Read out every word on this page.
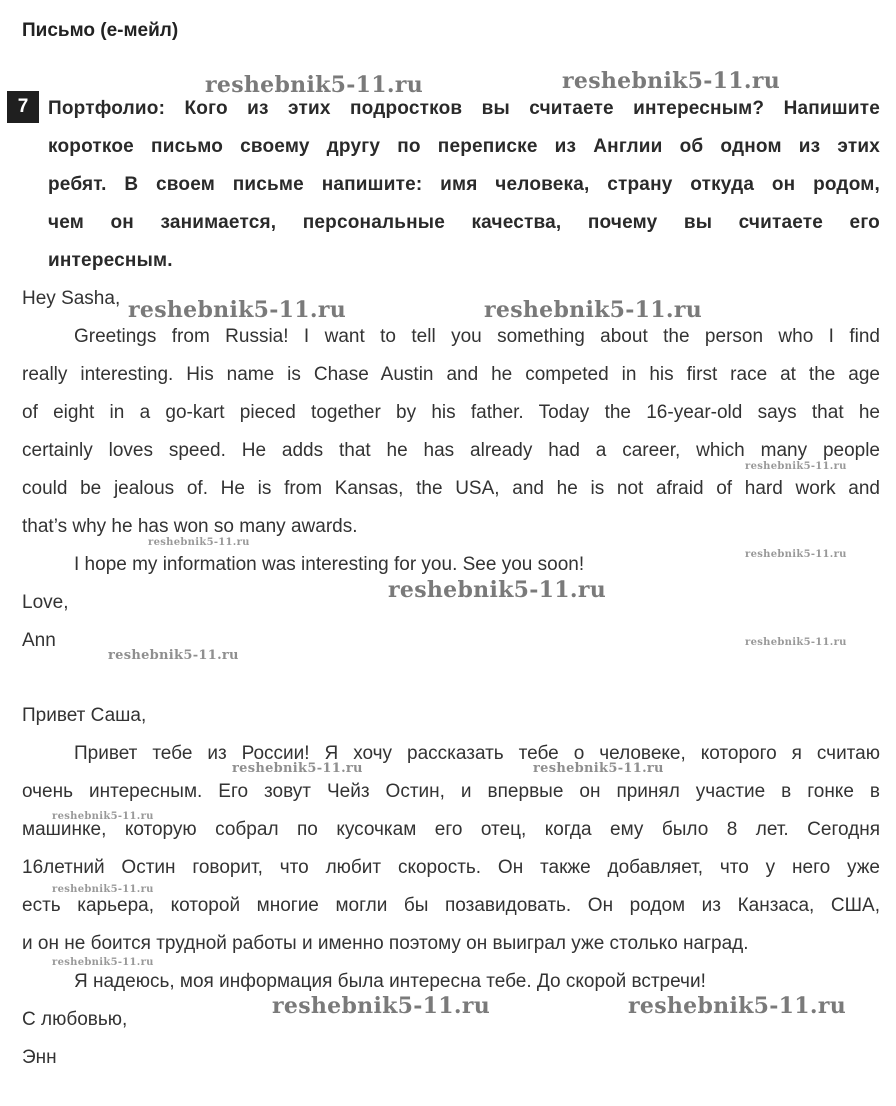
Письмо (е-мейл)
7	Портфолио: Кого из этих подростков вы считаете интересным? Напишите
короткое письмо своему другу по переписке из Англии об одном из этих
ребят. В своем письме напишите: имя человека, страну откуда он родом,
чем он занимается, персональные качества, почему вы считаете его
интересным.
Hey Sasha,
Greetings from Russia! I want to tell you something about the person who I find
really interesting. His name is Chase Austin and he competed in his first race at the age
of eight in a go-kart pieced together by his father. Today the 16-year-old says that he
certainly loves speed. He adds that he has already had a career, which many people
could be jealous of. He is from Kansas, the USA, and he is not afraid of hard work and
that’s why he has won so many awards.
I hope my information was interesting for you. See you soon!
Love,
Ann
Привет Саша,
Привет тебе из России! Я хочу рассказать тебе о человеке, которого я считаю
очень интересным. Его зовут Чейз Остин, и впервые он принял участие в гонке в
машинке, которую собрал по кусочкам его отец, когда ему было 8 лет. Сегодня
16летний Остин говорит, что любит скорость. Он также добавляет, что у него уже
есть карьера, которой многие могли бы позавидовать. Он родом из Канзаса, США,
и он не боится трудной работы и именно поэтому он выиграл уже столько наград.
Я надеюсь, моя информация была интересна тебе. До скорой встречи!
С любовью,
Энн
reshebnik5-11.ru	reshebnik5-11.ru
reshebnik5-11.ru	reshebnik5-11.ru
reshebnik5-11.ru
reshebnik5-11.ru
reshebnik5-11.ru
reshebnik5-11.ru
reshebnik5-11.ru
reshebnik5-11.ru
reshebnik5-11.ru	reshebnik5-11.ru
reshebnik5-11.ru
reshebnik5-11.ru
reshebnik5-11.ru
reshebnik5-11.ru	reshebnik5-11.ru
